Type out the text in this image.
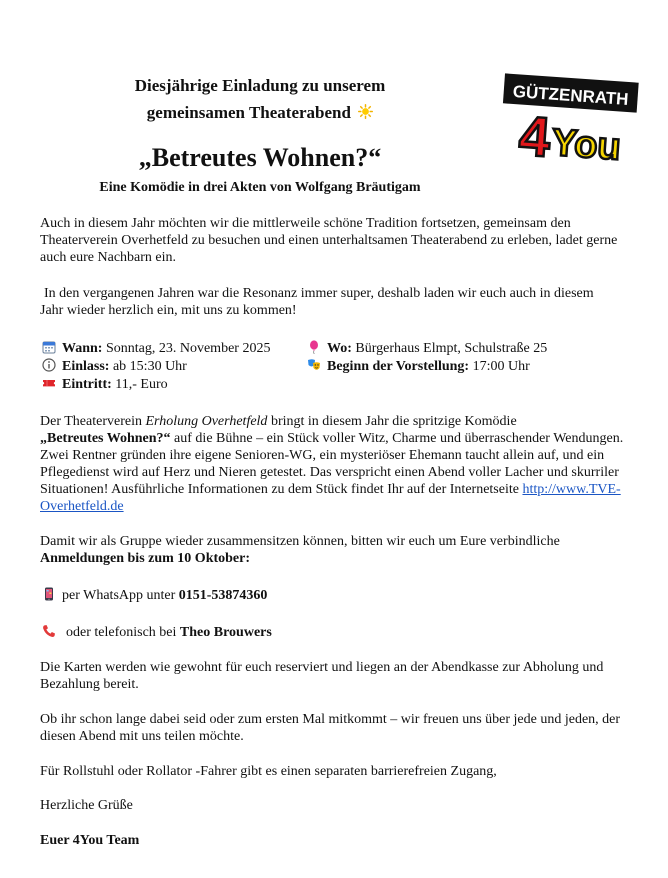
Diesjährige Einladung zu unserem
gemeinsamen Theaterabend
„Betreutes Wohnen?“
Eine Komödie in drei Akten von Wolfgang Bräutigam
GÜTZENRATH
4
You
Auch in diesem Jahr möchten wir die mittlerweile schöne Tradition fortsetzen, gemeinsam den Theaterverein Overhetfeld zu besuchen und einen unterhaltsamen Theaterabend zu erleben, ladet gerne auch eure Nachbarn ein.
In den vergangenen Jahren war die Resonanz immer super, deshalb laden wir euch auch in diesem Jahr wieder herzlich ein, mit uns zu kommen!
Wann: Sonntag, 23. November 2025	Wo: Bürgerhaus Elmpt, Schulstraße 25
Einlass: ab 15:30 Uhr	Beginn der Vorstellung: 17:00 Uhr
Eintritt: 11,- Euro
Der Theaterverein Erholung Overhetfeld bringt in diesem Jahr die spritzige Komödie
„Betreutes Wohnen?“ auf die Bühne – ein Stück voller Witz, Charme und überraschender Wendungen. Zwei Rentner gründen ihre eigene Senioren-WG, ein mysteriöser Ehemann taucht allein auf, und ein Pflegedienst wird auf Herz und Nieren getestet. Das verspricht einen Abend voller Lacher und skurriler Situationen! Ausführliche Informationen zu dem Stück findet Ihr auf der Internetseite http://www.TVE-Overhetfeld.de
Damit wir als Gruppe wieder zusammensitzen können, bitten wir euch um Eure verbindliche
Anmeldungen bis zum 10 Oktober:
per WhatsApp unter 0151-53874360
oder telefonisch bei Theo Brouwers
Die Karten werden wie gewohnt für euch reserviert und liegen an der Abendkasse zur Abholung und Bezahlung bereit.
Ob ihr schon lange dabei seid oder zum ersten Mal mitkommt – wir freuen uns über jede und jeden, der diesen Abend mit uns teilen möchte.
Für Rollstuhl oder Rollator -Fahrer gibt es einen separaten barrierefreien Zugang,
Herzliche Grüße
Euer 4You Team
